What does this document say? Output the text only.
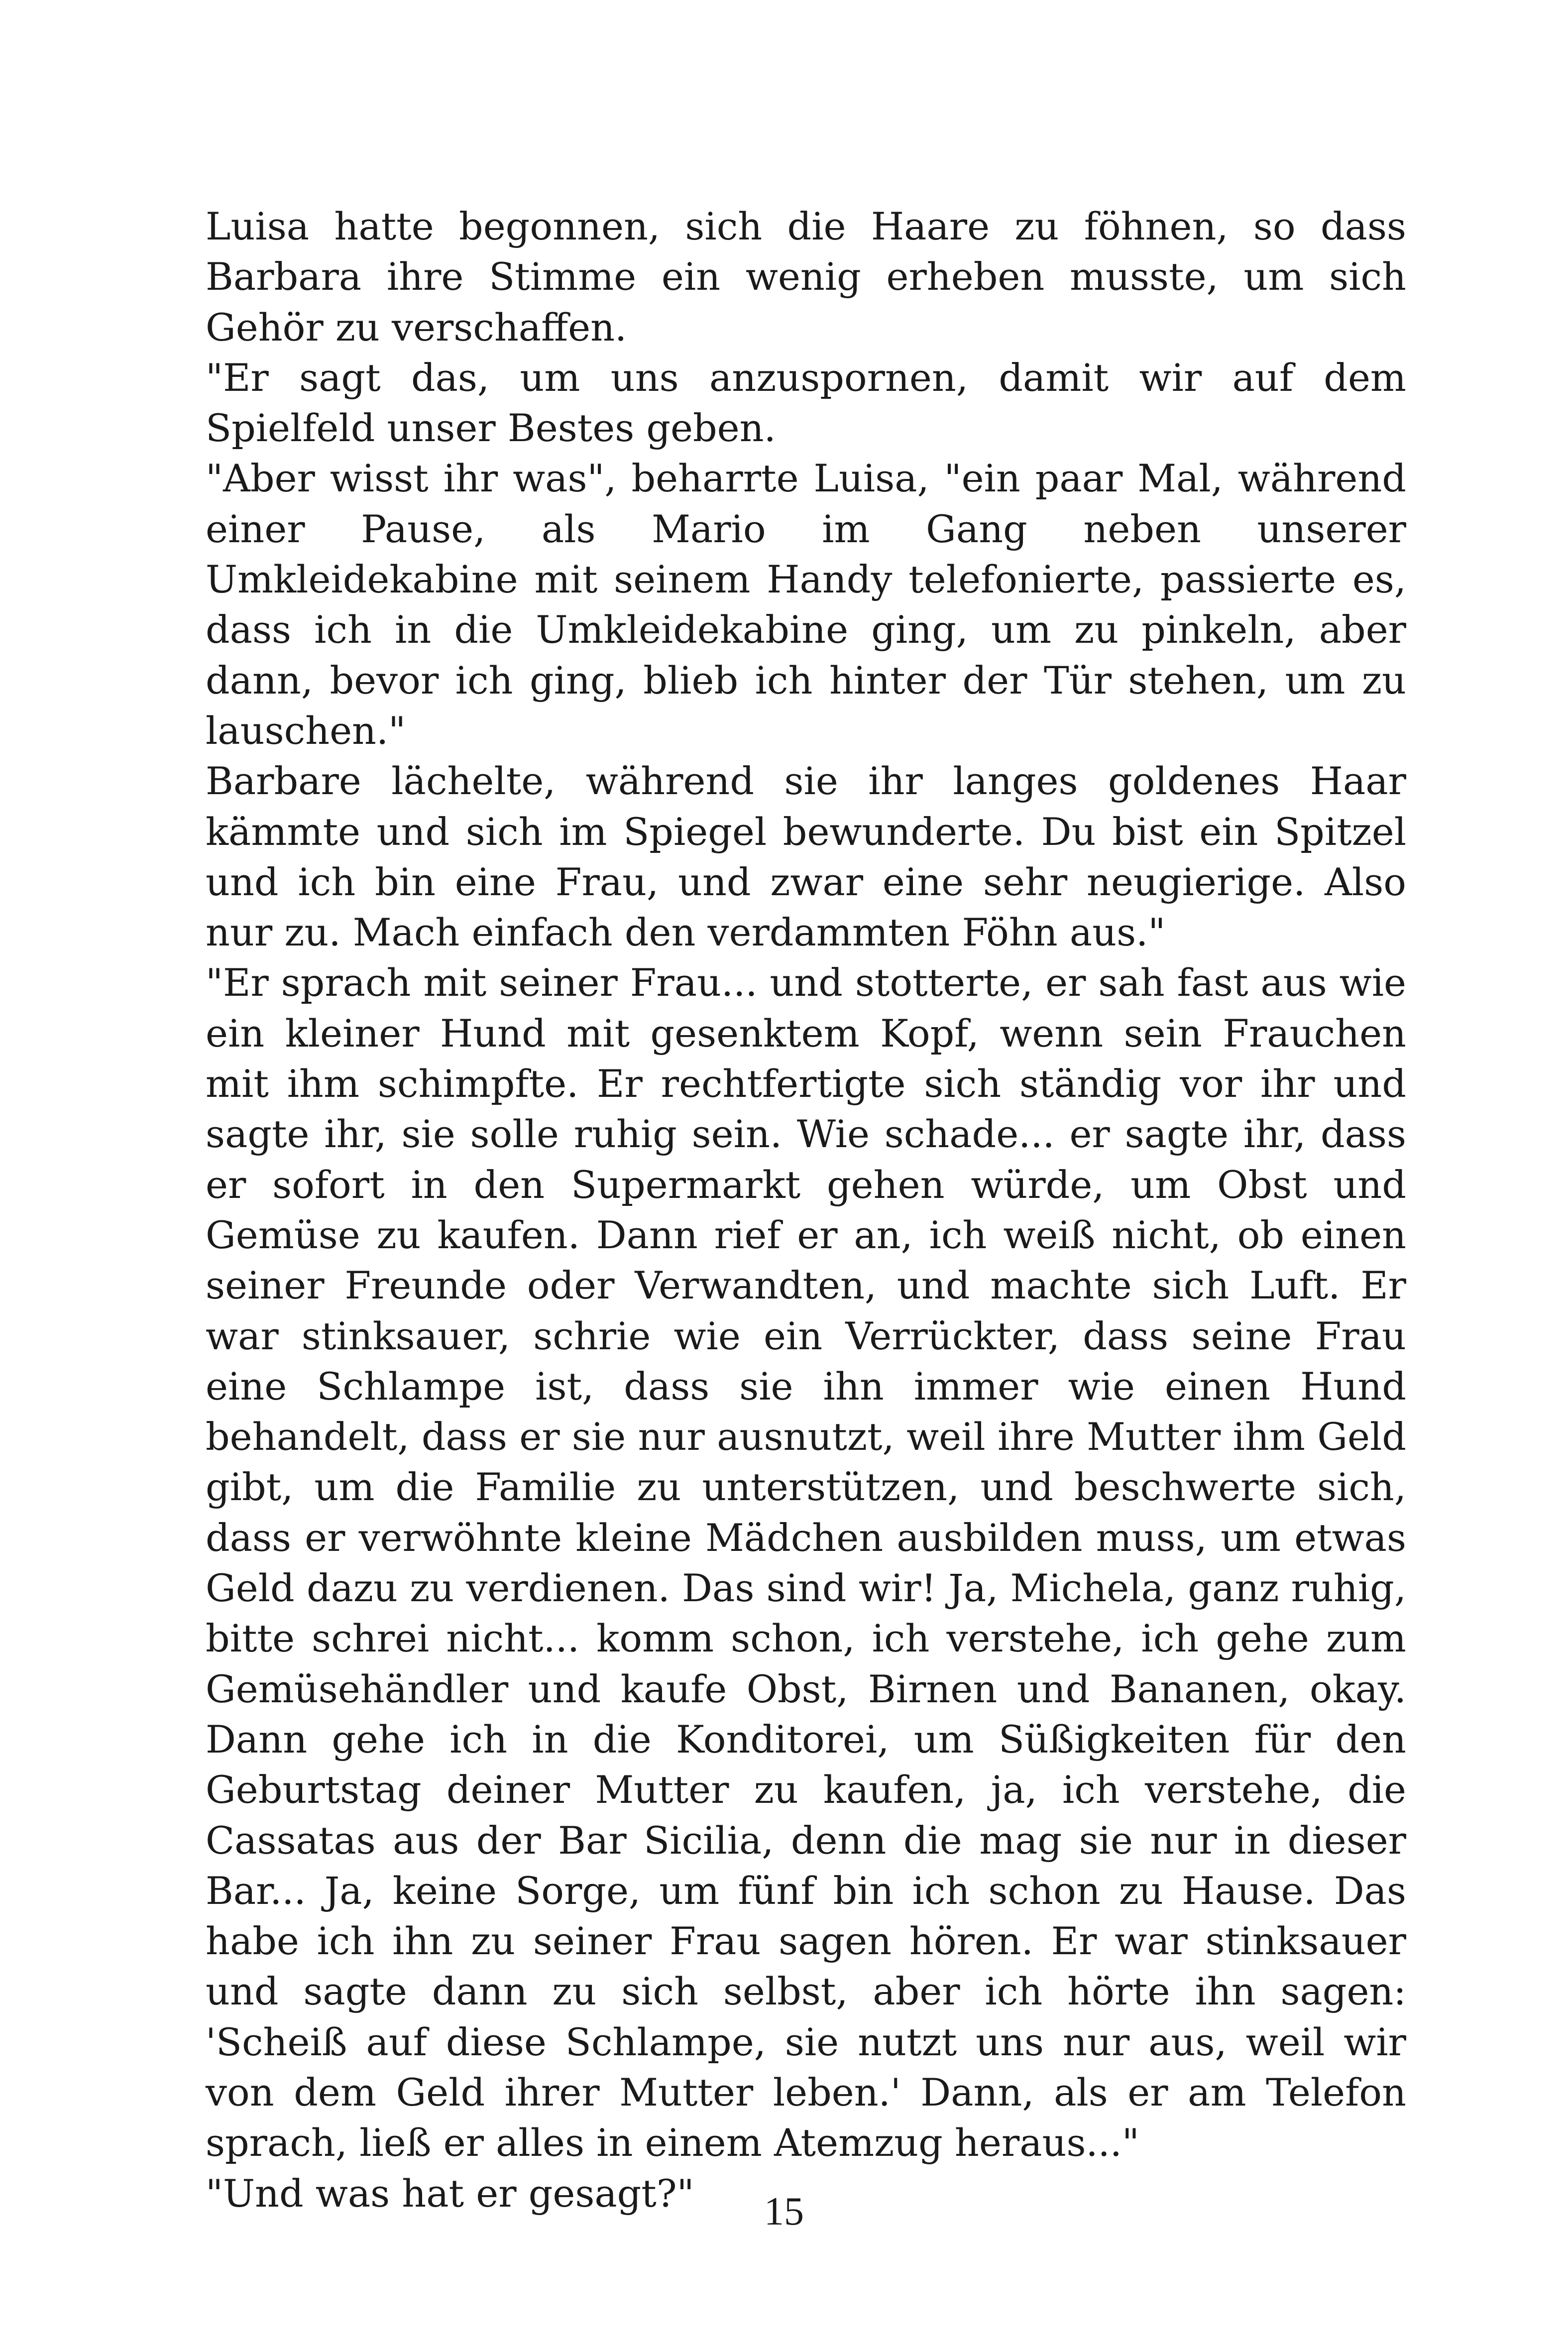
Luisa hatte begonnen, sich die Haare zu föhnen, so dass Barbara ihre Stimme ein wenig erheben musste, um sich Gehör zu verschaffen.

"Er sagt das, um uns anzuspornen, damit wir auf dem Spielfeld unser Bestes geben.

"Aber wisst ihr was", beharrte Luisa, "ein paar Mal, während einer Pause, als Mario im Gang neben unserer Umkleidekabine mit seinem Handy telefonierte, passierte es, dass ich in die Umkleidekabine ging, um zu pinkeln, aber dann, bevor ich ging, blieb ich hinter der Tür stehen, um zu lauschen."

Barbare lächelte, während sie ihr langes goldenes Haar kämmte und sich im Spiegel bewunderte. Du bist ein Spitzel und ich bin eine Frau, und zwar eine sehr neugierige. Also nur zu. Mach einfach den verdammten Föhn aus."

"Er sprach mit seiner Frau... und stotterte, er sah fast aus wie ein kleiner Hund mit gesenktem Kopf, wenn sein Frauchen mit ihm schimpfte. Er rechtfertigte sich ständig vor ihr und sagte ihr, sie solle ruhig sein. Wie schade... er sagte ihr, dass er sofort in den Supermarkt gehen würde, um Obst und Gemüse zu kaufen. Dann rief er an, ich weiß nicht, ob einen seiner Freunde oder Verwandten, und machte sich Luft. Er war stinksauer, schrie wie ein Verrückter, dass seine Frau eine Schlampe ist, dass sie ihn immer wie einen Hund behandelt, dass er sie nur ausnutzt, weil ihre Mutter ihm Geld gibt, um die Familie zu unterstützen, und beschwerte sich, dass er verwöhnte kleine Mädchen ausbilden muss, um etwas Geld dazu zu verdienen. Das sind wir! Ja, Michela, ganz ruhig, bitte schrei nicht... komm schon, ich verstehe, ich gehe zum Gemüsehändler und kaufe Obst, Birnen und Bananen, okay. Dann gehe ich in die Konditorei, um Süßigkeiten für den Geburtstag deiner Mutter zu kaufen, ja, ich verstehe, die Cassatas aus der Bar Sicilia, denn die mag sie nur in dieser Bar... Ja, keine Sorge, um fünf bin ich schon zu Hause. Das habe ich ihn zu seiner Frau sagen hören. Er war stinksauer und sagte dann zu sich selbst, aber ich hörte ihn sagen: 'Scheiß auf diese Schlampe, sie nutzt uns nur aus, weil wir von dem Geld ihrer Mutter leben.' Dann, als er am Telefon sprach, ließ er alles in einem Atemzug heraus..."

"Und was hat er gesagt?"	15
